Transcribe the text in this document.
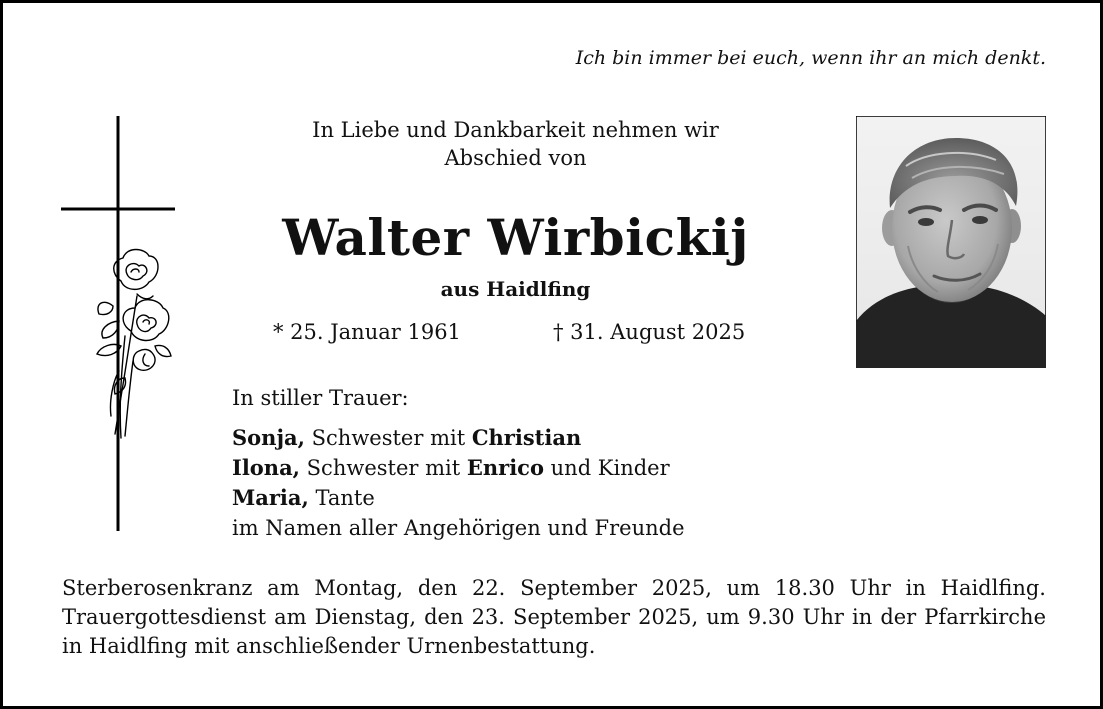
Ich bin immer bei euch, wenn ihr an mich denkt.
In Liebe und Dankbarkeit nehmen wir
Abschied von
Walter Wirbickij
aus Haidlfing
* 25. Januar 1961	† 31. August 2025
In stiller Trauer:
Sonja, Schwester mit Christian
Ilona, Schwester mit Enrico und Kinder
Maria, Tante
im Namen aller Angehörigen und Freunde
Sterberosenkranz am Montag, den 22. September 2025, um 18.30 Uhr in Haidlfing. Trauergottesdienst am Dienstag, den 23. September 2025, um 9.30 Uhr in der Pfarrkirche in Haidlfing mit anschließender Urnenbestattung.
